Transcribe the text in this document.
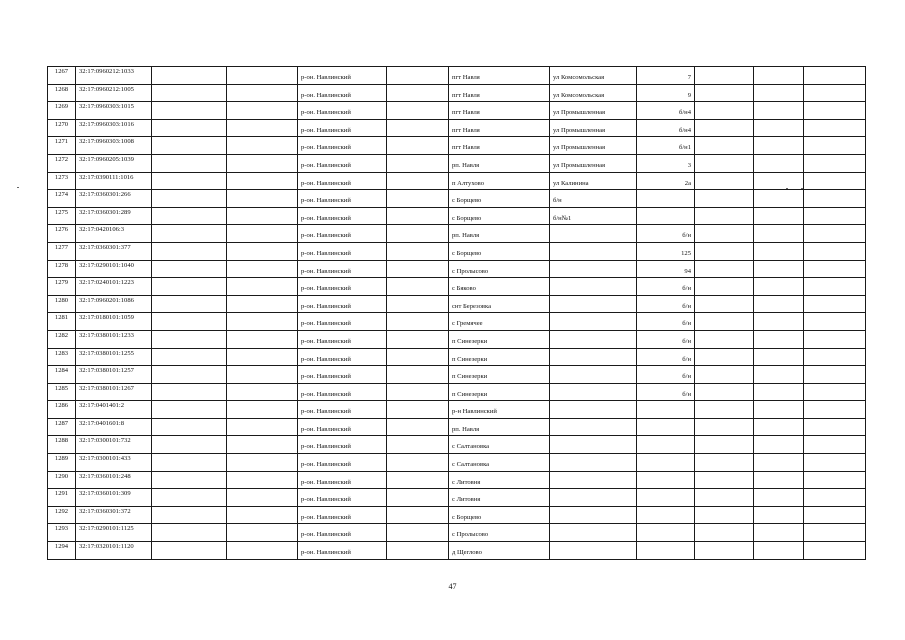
1267	32:17:0960212:1033			р-он. Навлинский		пгт Навля	ул Комсомольская	7			
1268	32:17:0960212:1005			р-он. Навлинский		пгт Навля	ул Комсомольская	9			
1269	32:17:0960303:1015			р-он. Навлинский		пгт Навля	ул Промышленная	б/н4			
1270	32:17:0960303:1016			р-он. Навлинский		пгт Навля	ул Промышленная	б/н4			
1271	32:17:0960303:1008			р-он. Навлинский		пгт Навля	ул Промышленная	б/н1			
1272	32:17:0960205:1039			р-он. Навлинский		рп. Навля	ул Промышленная	3			
1273	32:17:0390111:1016			р-он. Навлинский		п Алтухово	ул Калинина	2а			
1274	32:17:0360301:266			р-он. Навлинский		с Борщево	б/н				
1275	32:17:0360301:289			р-он. Навлинский		с Борщево	б/н№1				
1276	32:17:0420106:3			р-он. Навлинский		рп. Навля		б/н			
1277	32:17:0360301:377			р-он. Навлинский		с Борщево		125			
1278	32:17:0290101:1040			р-он. Навлинский		с Пролысово		94			
1279	32:17:0240101:1223			р-он. Навлинский		с Бяково		б/н			
1280	32:17:0960201:1086			р-он. Навлинский		снт Березовка		б/н			
1281	32:17:0180101:1059			р-он. Навлинский		с Гремячее		б/н			
1282	32:17:0380101:1233			р-он. Навлинский		п Синезерки		б/н			
1283	32:17:0380101:1255			р-он. Навлинский		п Синезерки		б/н			
1284	32:17:0380101:1257			р-он. Навлинский		п Синезерки		б/н			
1285	32:17:0380101:1267			р-он. Навлинский		п Синезерки		б/н			
1286	32:17:0401401:2			р-он. Навлинский		р-н Навлинский					
1287	32:17:0401601:8			р-он. Навлинский		рп. Навля					
1288	32:17:0300101:732			р-он. Навлинский		с Салтановка					
1289	32:17:0300101:433			р-он. Навлинский		с Салтановка					
1290	32:17:0360101:248			р-он. Навлинский		с Литовня					
1291	32:17:0360101:309			р-он. Навлинский		с Литовня					
1292	32:17:0360301:372			р-он. Навлинский		с Борщево					
1293	32:17:0290101:1125			р-он. Навлинский		с Пролысово					
1294	32:17:0320101:1120			р-он. Навлинский		д Щеглово					
47
